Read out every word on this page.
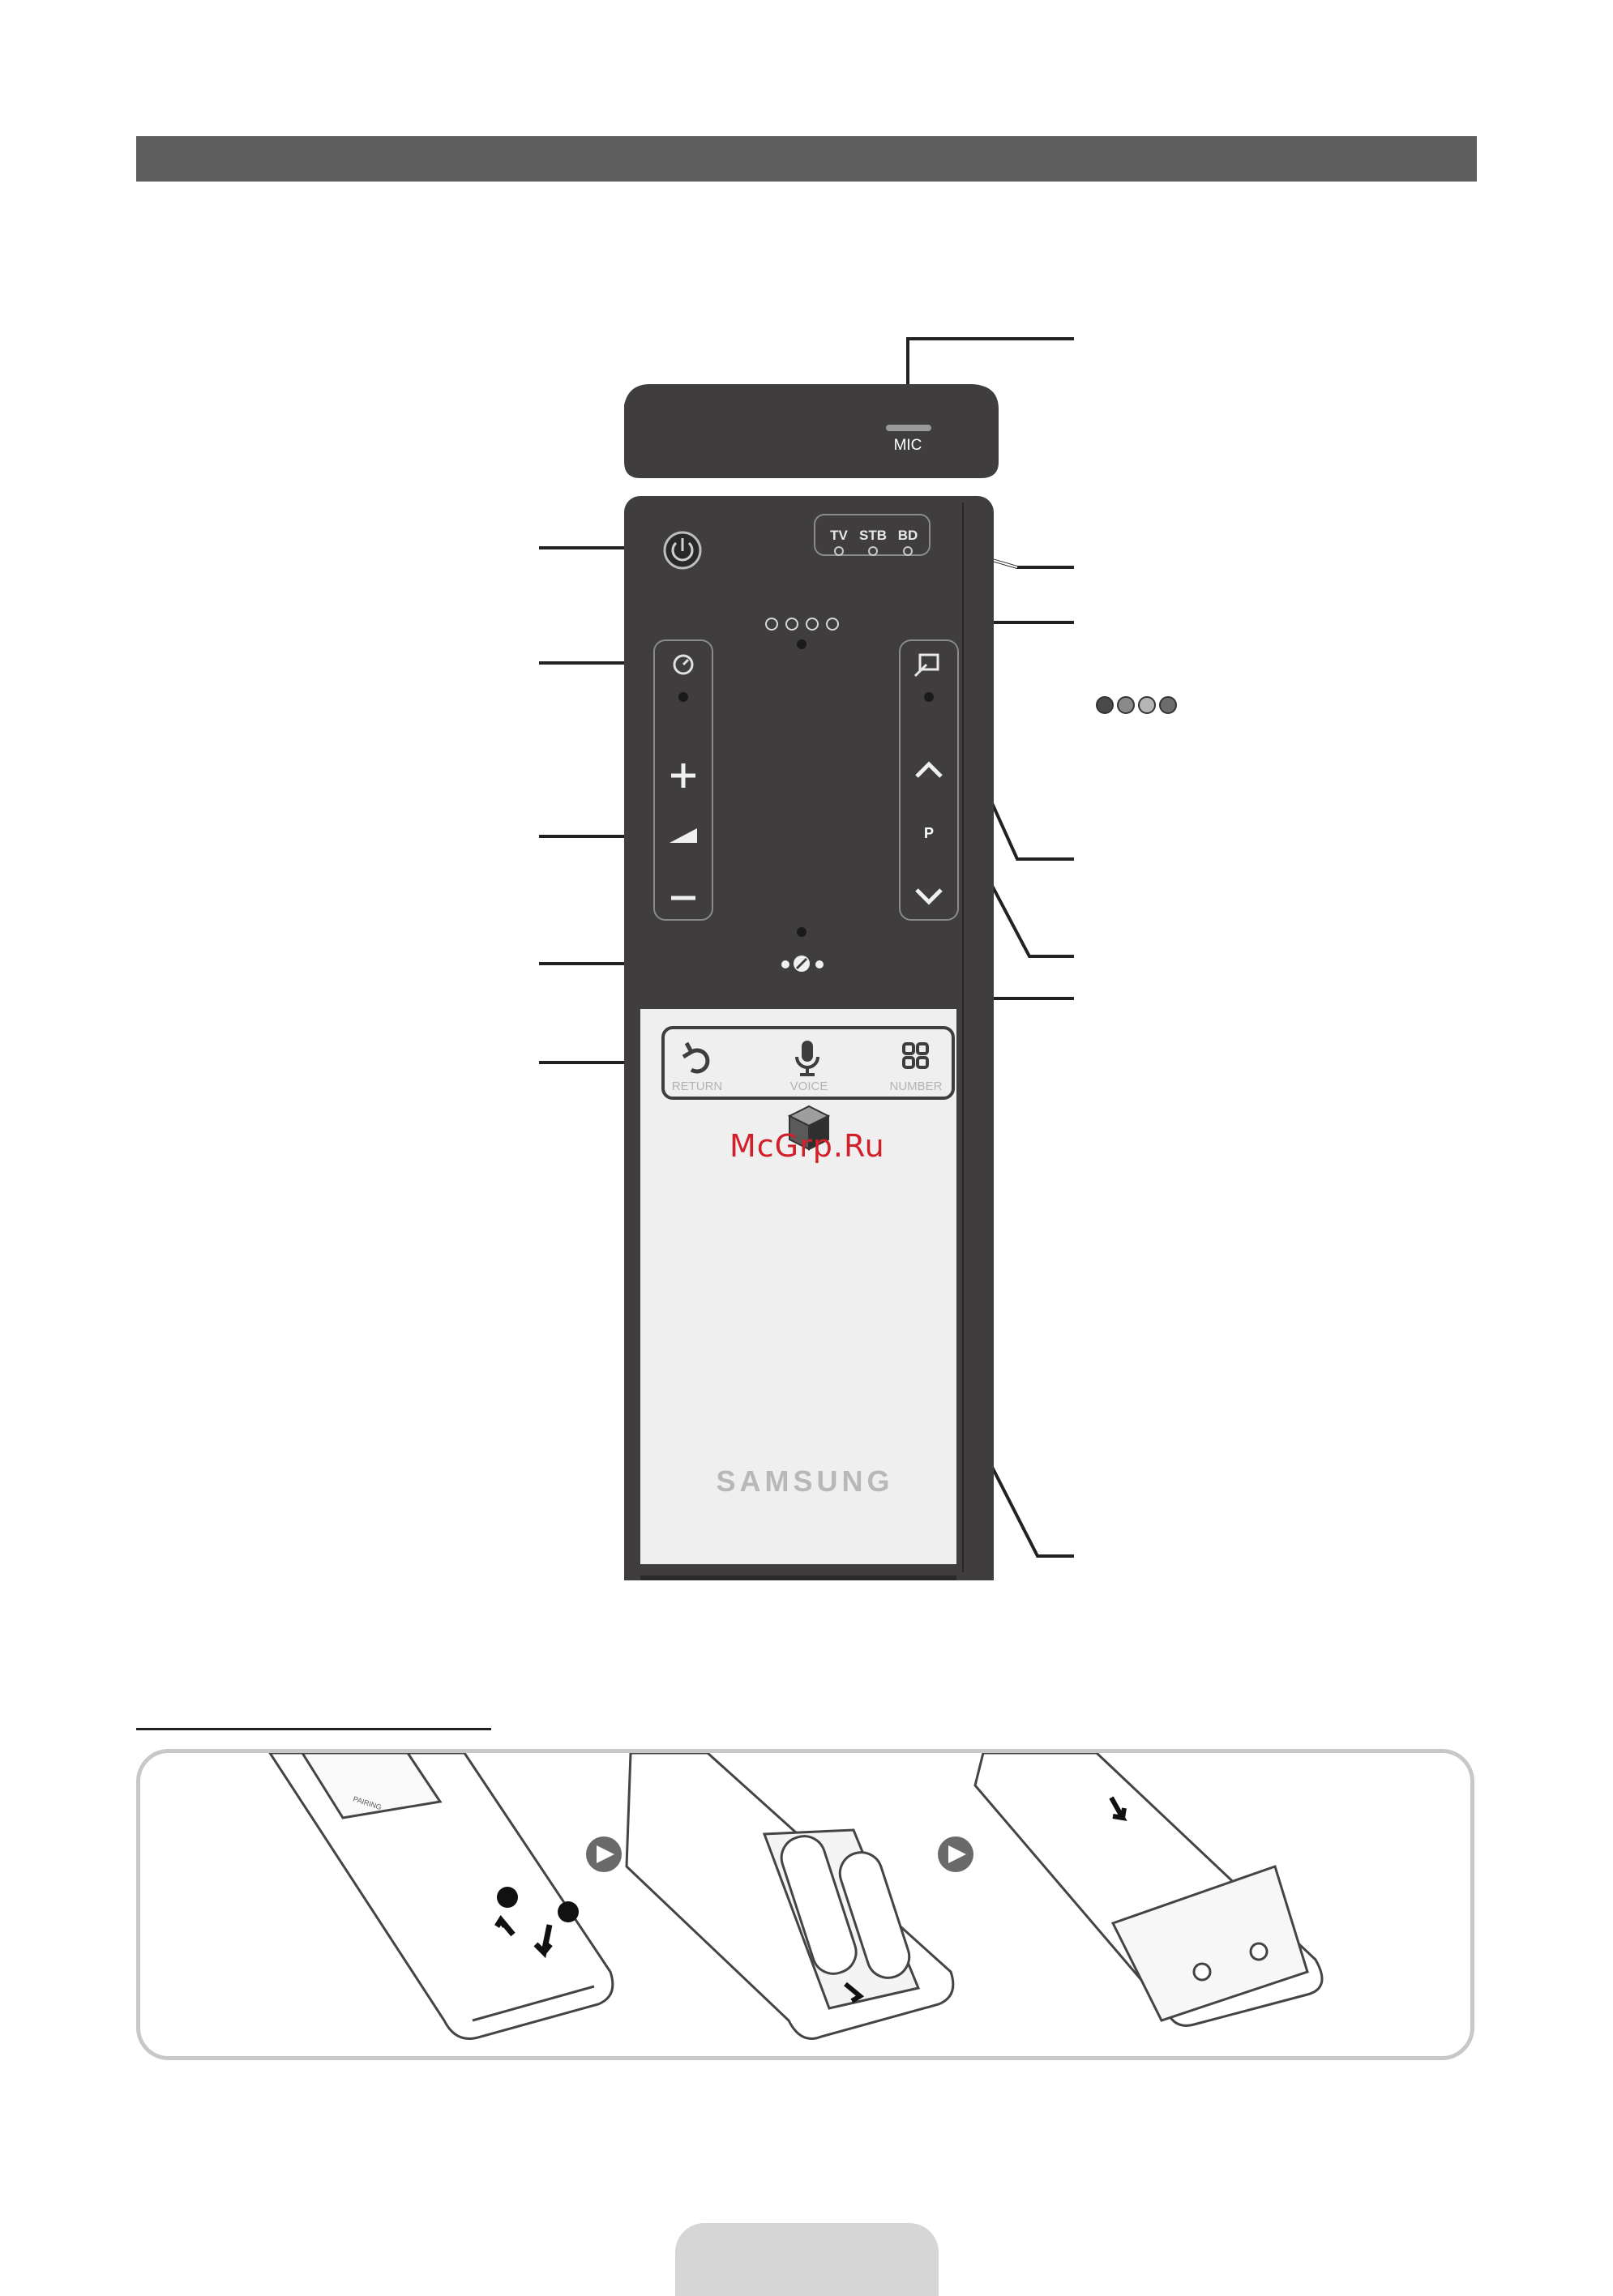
MIC
TV STB BD
P
RETURN	VOICE	NUMBER
SAMSUNG
McGrp.Ru
PAIRING
